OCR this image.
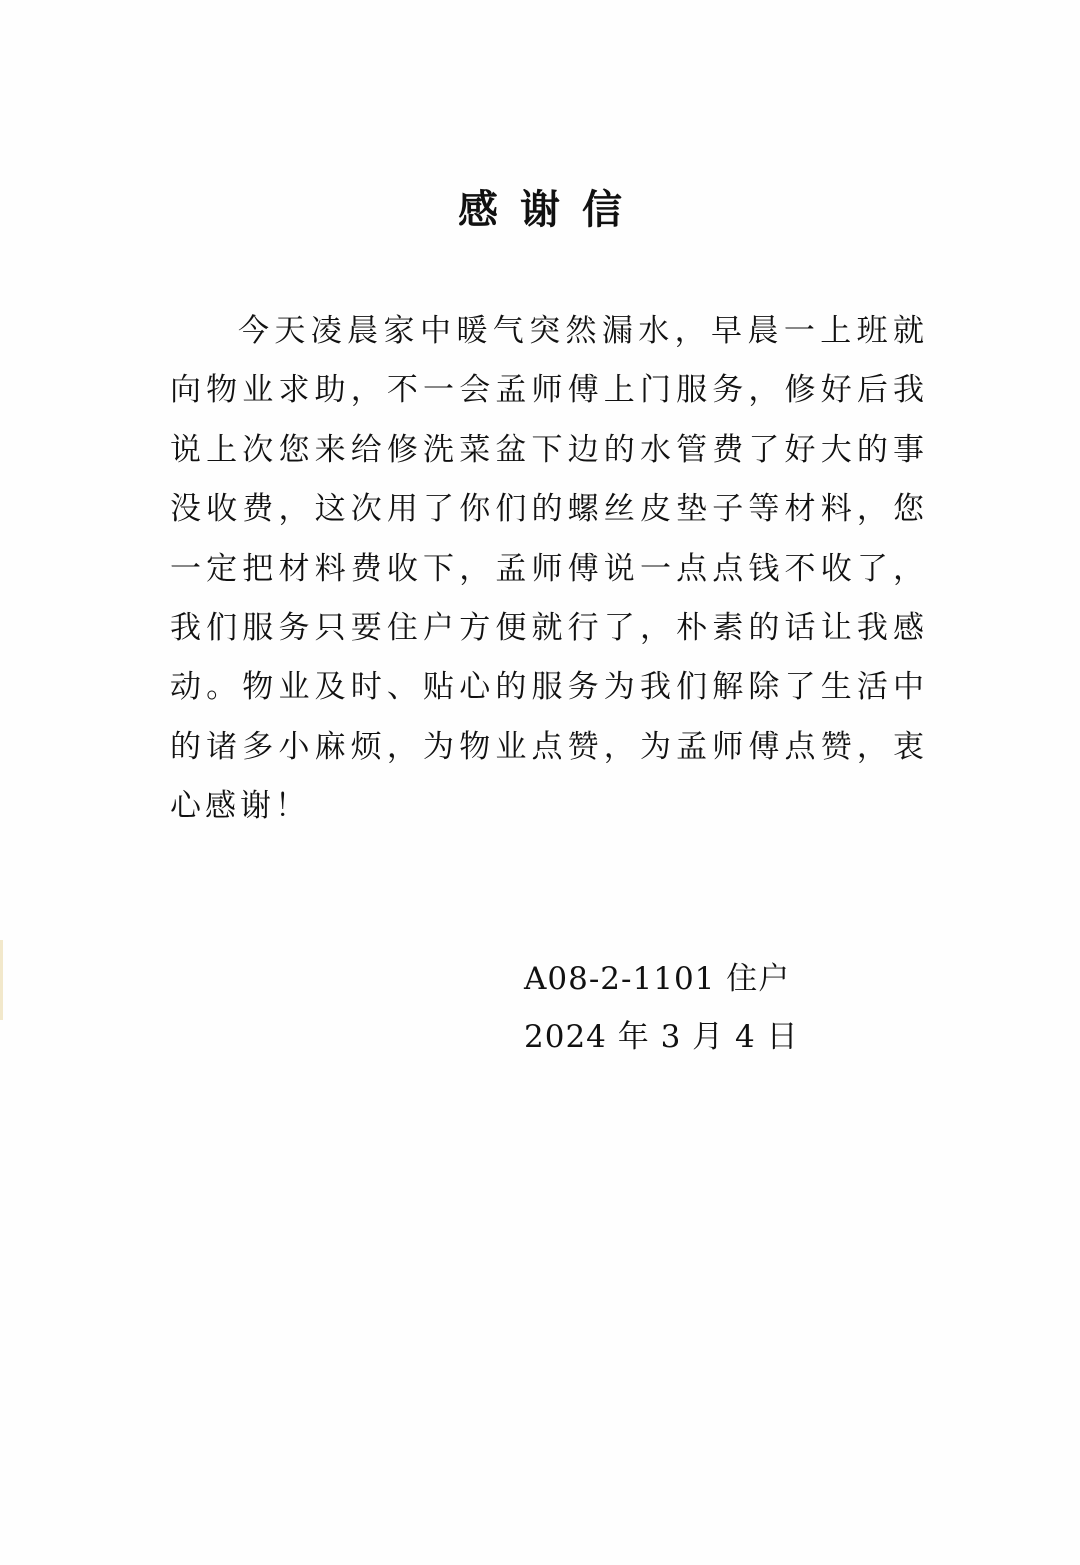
感谢信

今天凌晨家中暖气突然漏水，早晨一上班就向物业求助，不一会孟师傅上门服务，修好后我说上次您来给修洗菜盆下边的水管费了好大的事没收费，这次用了你们的螺丝皮垫子等材料，您一定把材料费收下，孟师傅说一点点钱不收了，我们服务只要住户方便就行了，朴素的话让我感动。物业及时、贴心的服务为我们解除了生活中的诸多小麻烦，为物业点赞，为孟师傅点赞，衷心感谢！

A08-2-1101 住户
2024 年 3 月 4 日
